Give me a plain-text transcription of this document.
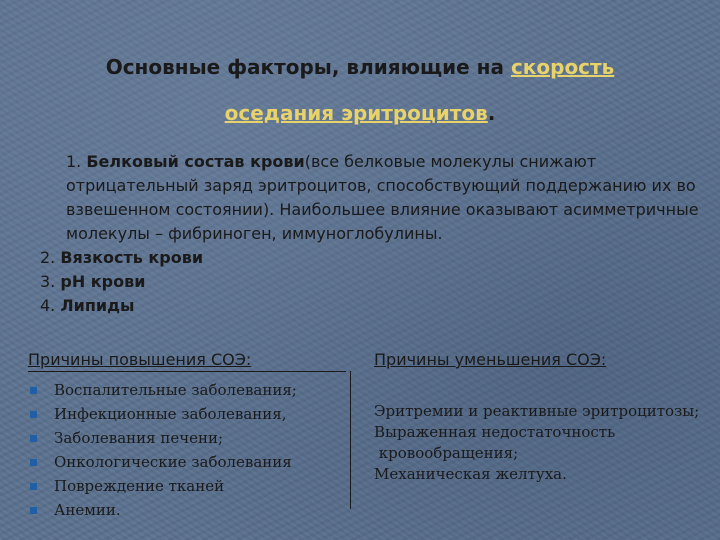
Основные факторы, влияющие на скорость
оседания эритроцитов.
1. Белковый состав крови(все белковые молекулы снижают отрицательный заряд эритроцитов, способствующий поддержанию их во взвешенном состоянии). Наибольшее влияние оказывают асимметричные молекулы – фибриноген, иммуноглобулины.
2. Вязкость крови
3. рН крови
4. Липиды
Причины повышения СОЭ:	Причины уменьшения СОЭ:
Воспалительные заболевания;
Инфекционные заболевания,
Заболевания печени;
Онкологические заболевания
Повреждение тканей
Анемии.
Эритремии и реактивные эритроцитозы;
Выраженная недостаточность
кровообращения;
Механическая желтуха.
